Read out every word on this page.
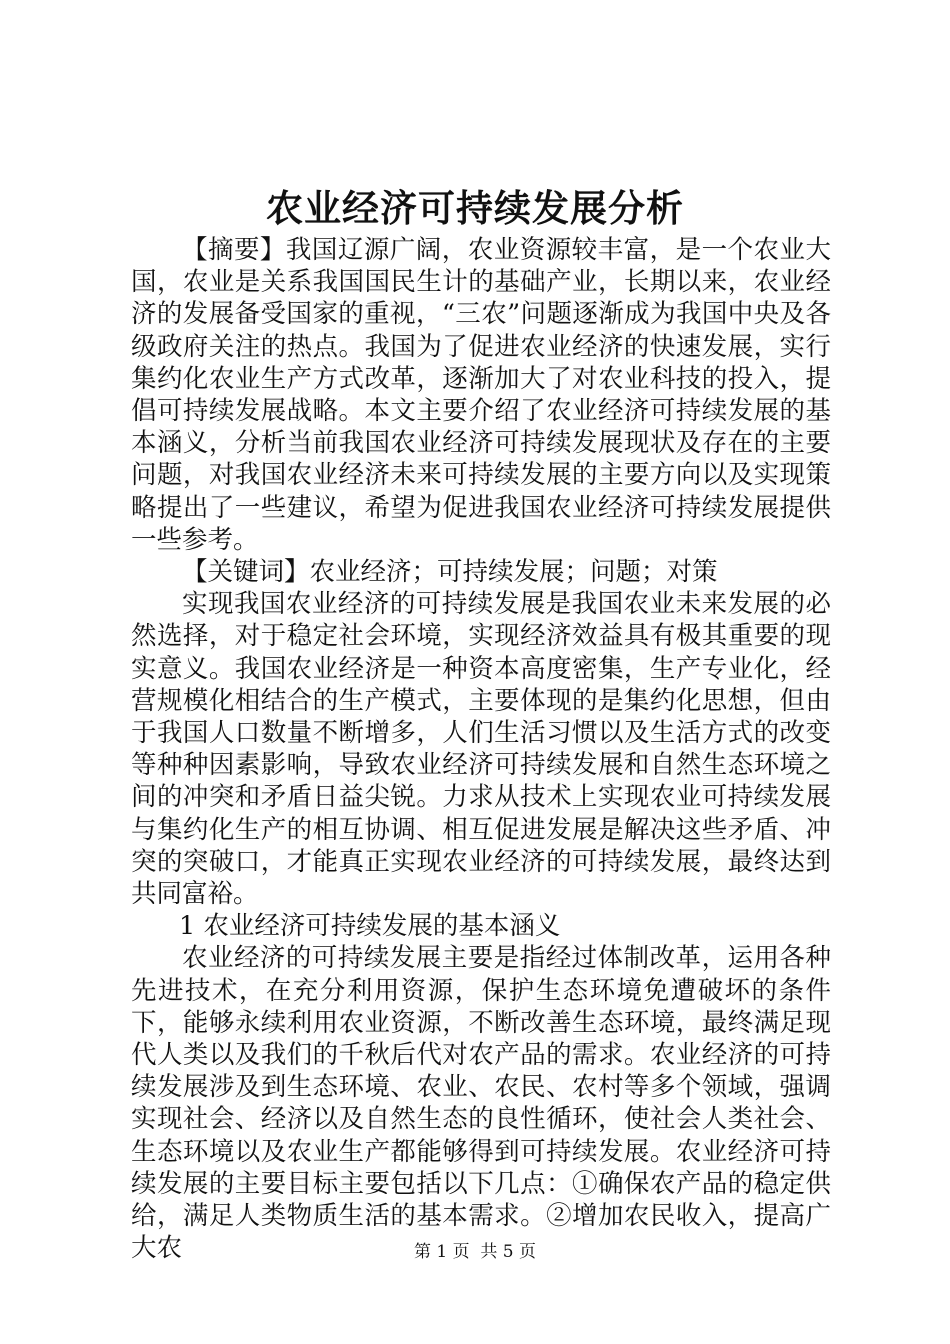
农业经济可持续发展分析

【摘要】我国辽源广阔，农业资源较丰富，是一个农业大国，农业是关系我国国民生计的基础产业，长期以来，农业经济的发展备受国家的重视，“三农”问题逐渐成为我国中央及各级政府关注的热点。我国为了促进农业经济的快速发展，实行集约化农业生产方式改革，逐渐加大了对农业科技的投入，提倡可持续发展战略。本文主要介绍了农业经济可持续发展的基本涵义，分析当前我国农业经济可持续发展现状及存在的主要问题，对我国农业经济未来可持续发展的主要方向以及实现策略提出了一些建议，希望为促进我国农业经济可持续发展提供一些参考。

【关键词】农业经济；可持续发展；问题；对策

实现我国农业经济的可持续发展是我国农业未来发展的必然选择，对于稳定社会环境，实现经济效益具有极其重要的现实意义。我国农业经济是一种资本高度密集，生产专业化，经营规模化相结合的生产模式，主要体现的是集约化思想，但由于我国人口数量不断增多，人们生活习惯以及生活方式的改变等种种因素影响，导致农业经济可持续发展和自然生态环境之间的冲突和矛盾日益尖锐。力求从技术上实现农业可持续发展与集约化生产的相互协调、相互促进发展是解决这些矛盾、冲突的突破口，才能真正实现农业经济的可持续发展，最终达到共同富裕。

1 农业经济可持续发展的基本涵义

农业经济的可持续发展主要是指经过体制改革，运用各种先进技术，在充分利用资源，保护生态环境免遭破坏的条件下，能够永续利用农业资源，不断改善生态环境，最终满足现代人类以及我们的千秋后代对农产品的需求。农业经济的可持续发展涉及到生态环境、农业、农民、农村等多个领域，强调实现社会、经济以及自然生态的良性循环，使社会人类社会、生态环境以及农业生产都能够得到可持续发展。农业经济可持续发展的主要目标主要包括以下几点：①确保农产品的稳定供给，满足人类物质生活的基本需求。②增加农民收入，提高广大农	第 1 页  共 5 页
